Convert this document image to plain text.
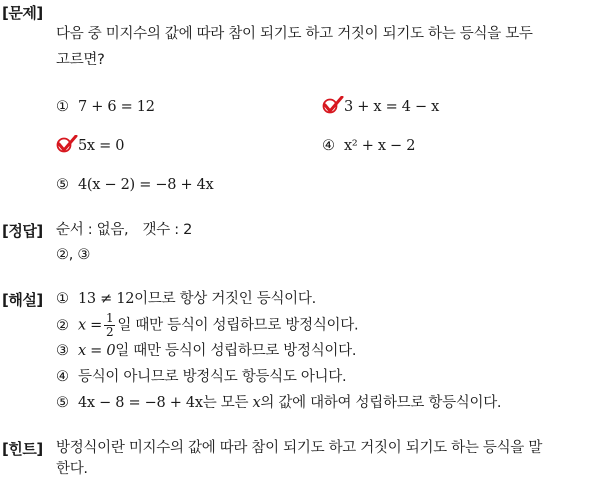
[문제]
다음 중 미지수의 값에 따라 참이 되기도 하고 거짓이 되기도 하는 등식을 모두
고르면?
① 7 + 6 = 12	3 + x = 4 − x
5x = 0	④ x² + x − 2
⑤ 4(x − 2) = −8 + 4x
[정답] 순서 : 없음,　갯수 : 2
②, ③
[해설] ① 13 ≠ 12이므로 항상 거짓인 등식이다.
② $x = \frac{1}{2}$ 일 때만 등식이 성립하므로 방정식이다.
③ x = 0일 때만 등식이 성립하므로 방정식이다.
④ 등식이 아니므로 방정식도 항등식도 아니다.
⑤ 4x − 8 = −8 + 4x는 모든 x의 값에 대하여 성립하므로 항등식이다.
[힌트] 방정식이란 미지수의 값에 따라 참이 되기도 하고 거짓이 되기도 하는 등식을 말
한다.
